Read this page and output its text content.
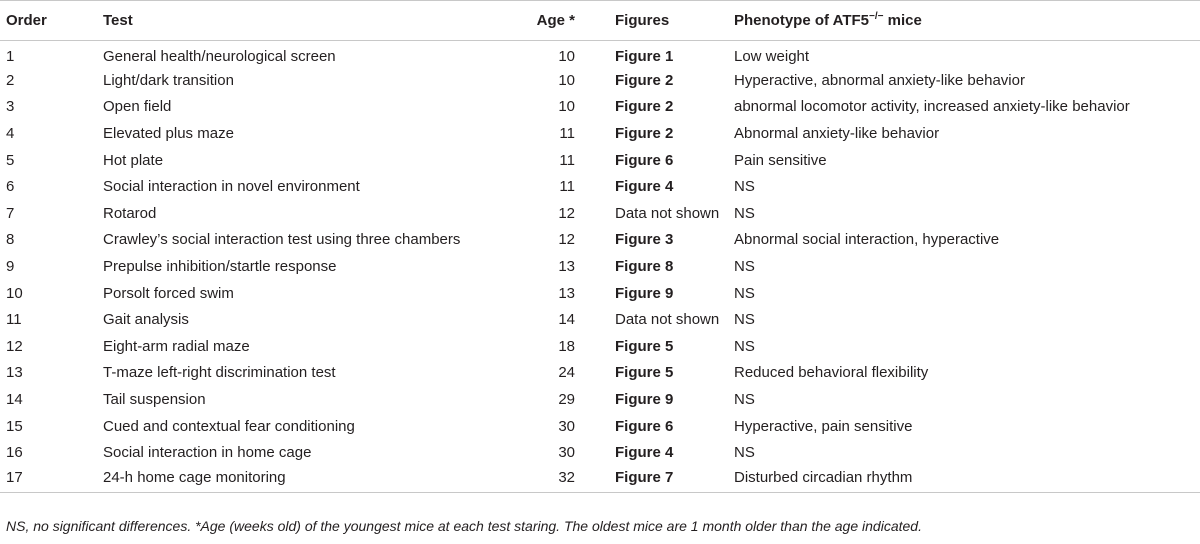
Order	Test	Age *	Figures	Phenotype of ATF5−/− mice
1	General health/neurological screen	10	Figure 1	Low weight
2	Light/dark transition	10	Figure 2	Hyperactive, abnormal anxiety-like behavior
3	Open field	10	Figure 2	abnormal locomotor activity, increased anxiety-like behavior
4	Elevated plus maze	11	Figure 2	Abnormal anxiety-like behavior
5	Hot plate	11	Figure 6	Pain sensitive
6	Social interaction in novel environment	11	Figure 4	NS
7	Rotarod	12	Data not shown	NS
8	Crawley’s social interaction test using three chambers	12	Figure 3	Abnormal social interaction, hyperactive
9	Prepulse inhibition/startle response	13	Figure 8	NS
10	Porsolt forced swim	13	Figure 9	NS
11	Gait analysis	14	Data not shown	NS
12	Eight-arm radial maze	18	Figure 5	NS
13	T-maze left-right discrimination test	24	Figure 5	Reduced behavioral flexibility
14	Tail suspension	29	Figure 9	NS
15	Cued and contextual fear conditioning	30	Figure 6	Hyperactive, pain sensitive
16	Social interaction in home cage	30	Figure 4	NS
17	24-h home cage monitoring	32	Figure 7	Disturbed circadian rhythm
NS, no significant differences. *Age (weeks old) of the youngest mice at each test staring. The oldest mice are 1 month older than the age indicated.
